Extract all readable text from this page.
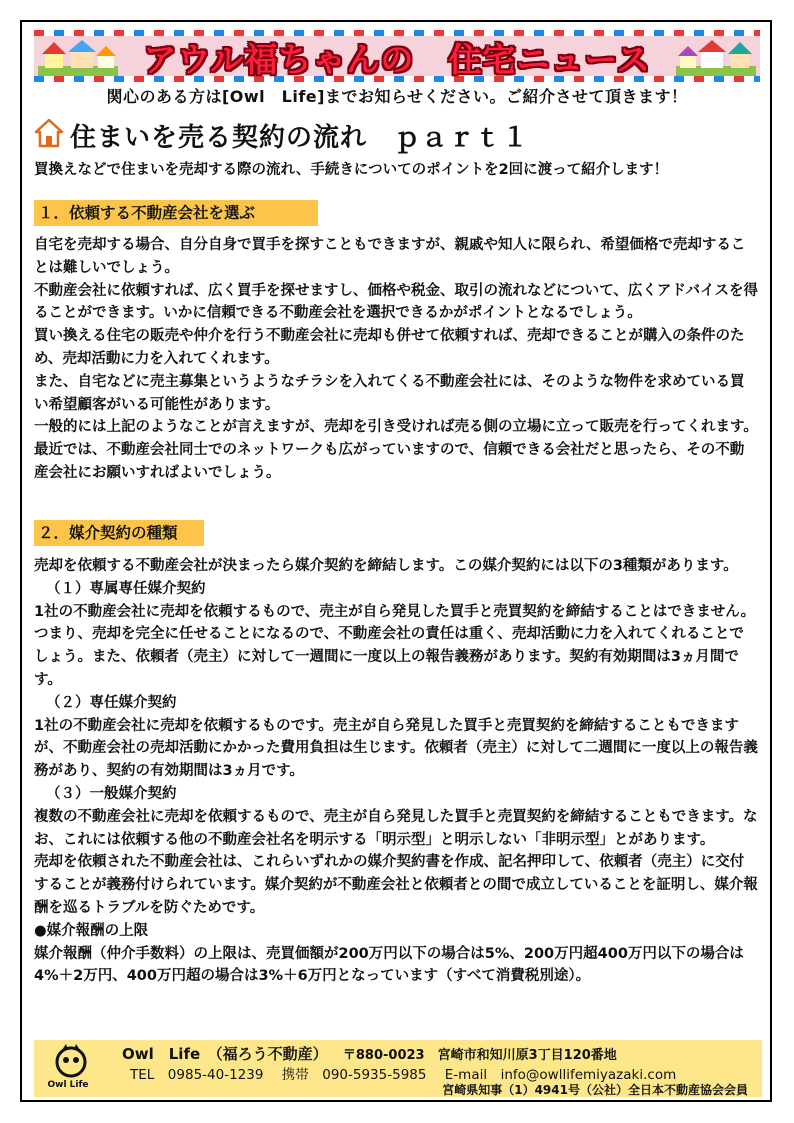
アウル福ちゃんの　住宅ニュース
関心のある方は[Owl　Life]までお知らせください。ご紹介させて頂きます！
住まいを売る契約の流れ　ｐａｒｔ１
買換えなどで住まいを売却する際の流れ、手続きについてのポイントを2回に渡って紹介します！
１．依頼する不動産会社を選ぶ

自宅を売却する場合、自分自身で買手を探すこともできますが、親戚や知人に限られ、希望価格で売却することは難しいでしょう。

不動産会社に依頼すれば、広く買手を探せますし、価格や税金、取引の流れなどについて、広くアドバイスを得ることができます。いかに信頼できる不動産会社を選択できるかがポイントとなるでしょう。

買い換える住宅の販売や仲介を行う不動産会社に売却も併せて依頼すれば、売却できることが購入の条件のため、売却活動に力を入れてくれます。

また、自宅などに売主募集というようなチラシを入れてくる不動産会社には、そのような物件を求めている買い希望顧客がいる可能性があります。

一般的には上記のようなことが言えますが、売却を引き受ければ売る側の立場に立って販売を行ってくれます。最近では、不動産会社同士でのネットワークも広がっていますので、信頼できる会社だと思ったら、その不動産会社にお願いすればよいでしょう。

２．媒介契約の種類

売却を依頼する不動産会社が決まったら媒介契約を締結します。この媒介契約には以下の3種類があります。

（１）専属専任媒介契約

1社の不動産会社に売却を依頼するもので、売主が自ら発見した買手と売買契約を締結することはできません。つまり、売却を完全に任せることになるので、不動産会社の責任は重く、売却活動に力を入れてくれることでしょう。また、依頼者（売主）に対して一週間に一度以上の報告義務があります。契約有効期間は3ヵ月間です。

（２）専任媒介契約

1社の不動産会社に売却を依頼するものです。売主が自ら発見した買手と売買契約を締結することもできますが、不動産会社の売却活動にかかった費用負担は生じます。依頼者（売主）に対して二週間に一度以上の報告義務があり、契約の有効期間は3ヵ月です。

（３）一般媒介契約

複数の不動産会社に売却を依頼するもので、売主が自ら発見した買手と売買契約を締結することもできます。なお、これには依頼する他の不動産会社名を明示する「明示型」と明示しない「非明示型」とがあります。

売却を依頼された不動産会社は、これらいずれかの媒介契約書を作成、記名押印して、依頼者（売主）に交付することが義務付けられています。媒介契約が不動産会社と依頼者との間で成立していることを証明し、媒介報酬を巡るトラブルを防ぐためです。

●媒介報酬の上限

媒介報酬（仲介手数料）の上限は、売買価額が200万円以下の場合は5%、200万円超400万円以下の場合は4%＋2万円、400万円超の場合は3%＋6万円となっています（すべて消費税別途）。

Owl Life
Owl　Life　（福ろう不動産） 〒880-0023　宮崎市和知川原3丁目120番地
TEL　0985-40-1239 携帯　090-5935-5985 E-mail　info@owllifemiyazaki.com
宮崎県知事（1）4941号（公社）全日本不動産協会会員
